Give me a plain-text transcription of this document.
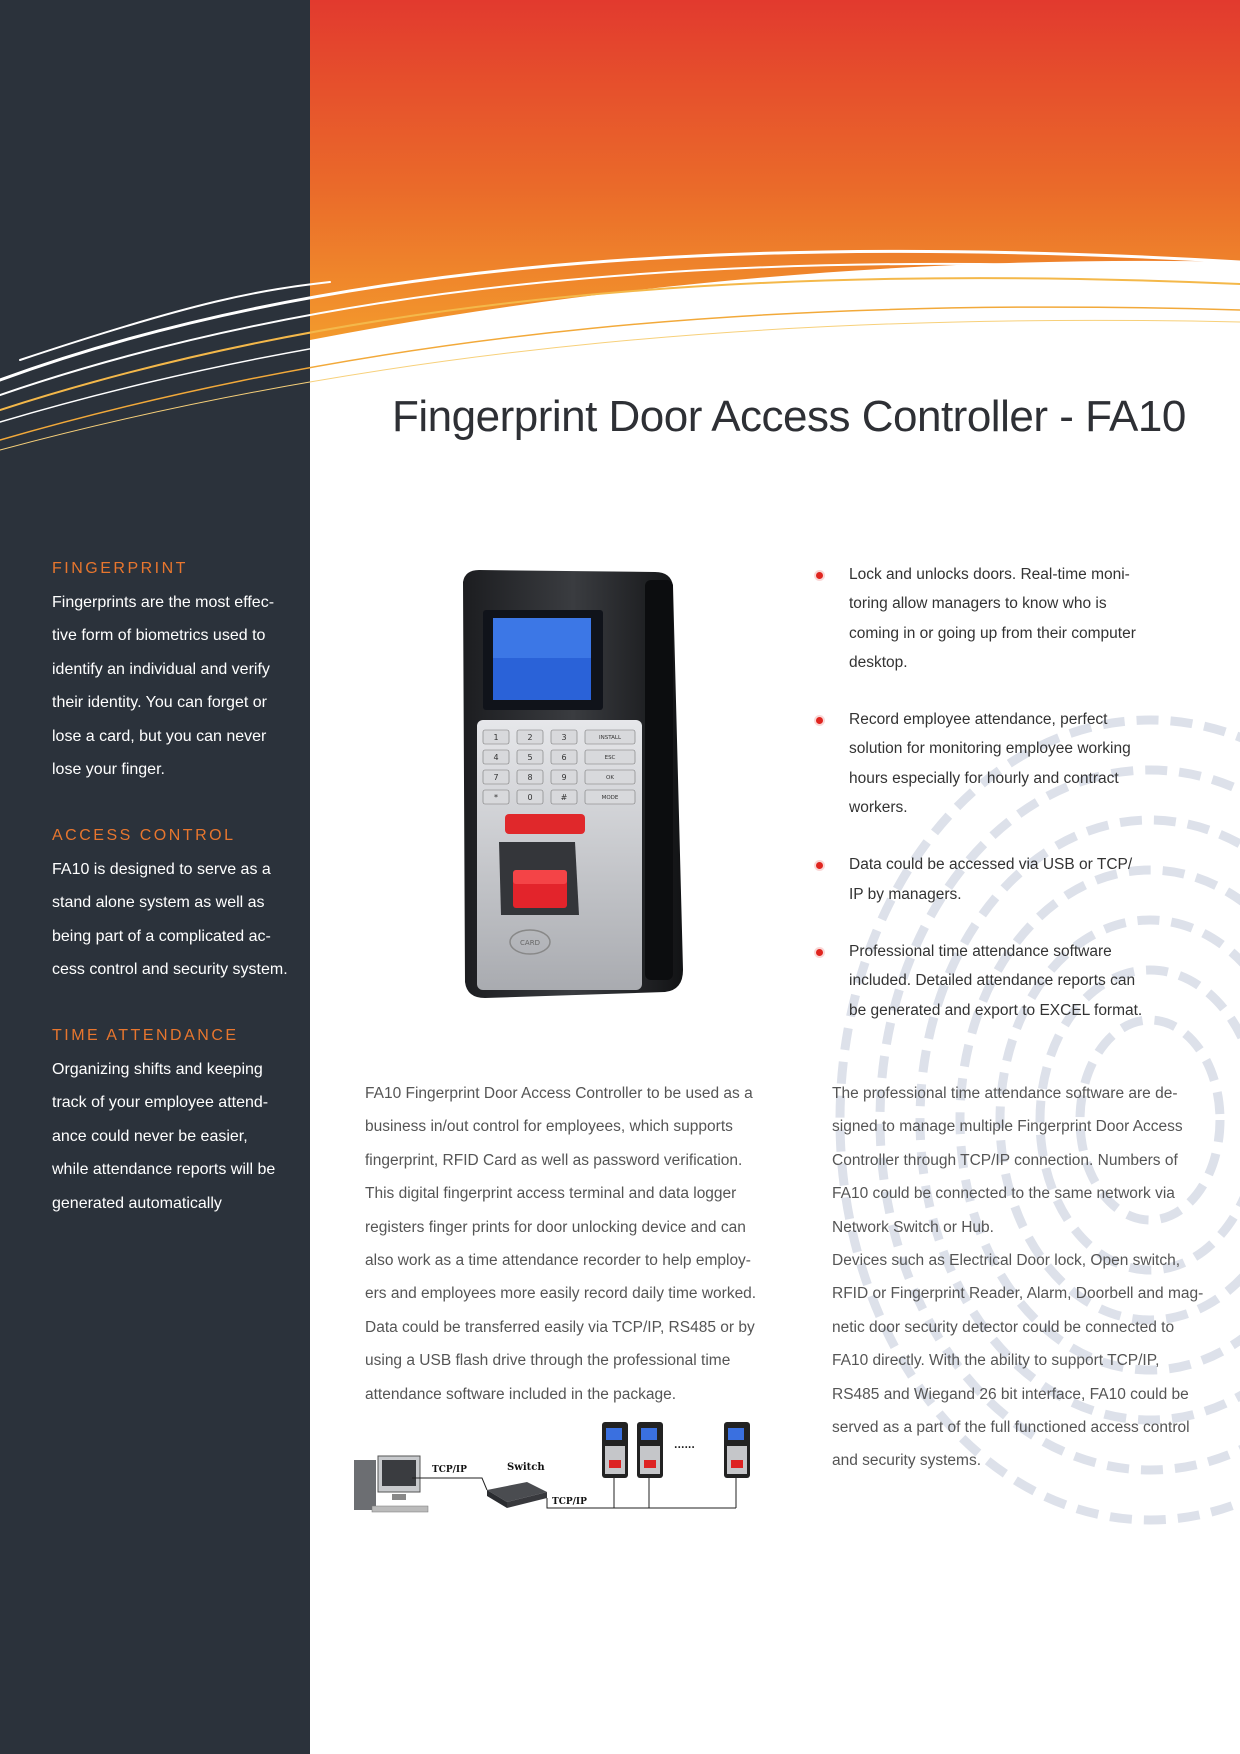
Fingerprint Door Access Controller - FA10
FINGERPRINT
Fingerprints are the most effec-
tive form of biometrics used to
identify an individual and verify
their identity. You can forget or
lose a card, but you can never
lose your finger.
ACCESS CONTROL
FA10 is designed to serve as a
stand alone system as well as
being part of a complicated ac-
cess control and security system.
TIME ATTENDANCE
Organizing shifts and keeping
track of your employee attend-
ance could never be easier,
while attendance reports will be
generated automatically
1	2	3
4	5	6
7	8	9
*	0	#
INSTALL
ESC
OK
MODE
CARD
Lock and unlocks doors. Real-time moni-
toring allow managers to know who is
coming in or going up from their computer
desktop.
Record employee attendance, perfect
solution for monitoring employee working
hours especially for hourly and contract
workers.
Data could be accessed via USB or TCP/
IP by managers.
Professional time attendance software
included. Detailed attendance reports can
be generated and export to EXCEL format.
FA10 Fingerprint Door Access Controller to be used as a
business in/out control for employees, which supports
fingerprint, RFID Card as well as password verification.
This digital fingerprint access terminal and data logger
registers finger prints for door unlocking device and can
also work as a time attendance recorder to help employ-
ers and employees more easily record daily time worked.
Data could be transferred easily via TCP/IP, RS485 or by
using a USB flash drive through the professional time
attendance software included in the package.
The professional time attendance software are de-
signed to manage multiple Fingerprint Door Access
Controller through TCP/IP connection. Numbers of
FA10 could be connected to the same network via
Network Switch or Hub.
Devices such as Electrical Door lock, Open switch,
RFID or Fingerprint Reader, Alarm, Doorbell and mag-
netic door security detector could be connected to
FA10 directly. With the ability to support TCP/IP,
RS485 and Wiegand 26 bit interface, FA10 could be
served as a part of the full functioned access control
and security systems.
TCP/IP	Switch
TCP/IP
......
